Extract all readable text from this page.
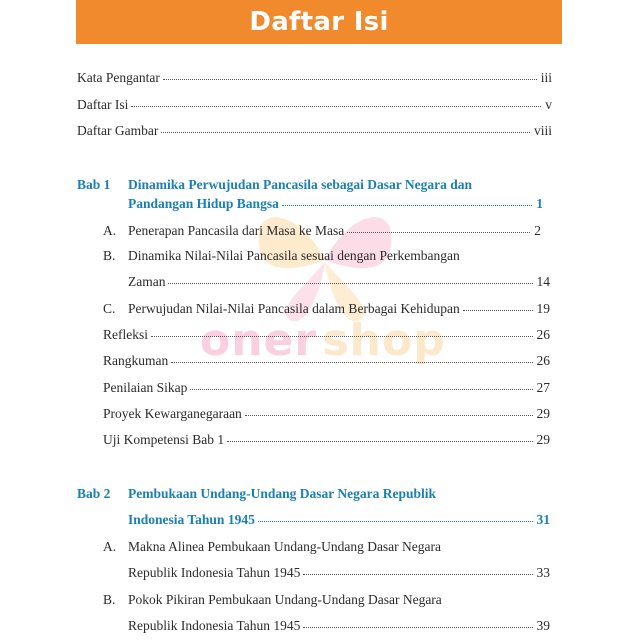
Daftar Isi
oner  shop
Kata Pengantar	iii
Daftar Isi	v
Daftar Gambar	viii
Bab 1 Dinamika Perwujudan Pancasila sebagai Dasar Negara dan
Pandangan Hidup Bangsa	1
A. Penerapan Pancasila dari Masa ke Masa	2
B. Dinamika Nilai-Nilai Pancasila sesuai dengan Perkembangan
Zaman	14
C. Perwujudan Nilai-Nilai Pancasila dalam Berbagai Kehidupan	19
Refleksi	26
Rangkuman	26
Penilaian Sikap	27
Proyek Kewarganegaraan	29
Uji Kompetensi Bab 1	29
Bab 2 Pembukaan Undang-Undang Dasar Negara Republik
Indonesia Tahun 1945	31
A. Makna Alinea Pembukaan Undang-Undang Dasar Negara
Republik Indonesia Tahun 1945	33
B. Pokok Pikiran Pembukaan Undang-Undang Dasar Negara
Republik Indonesia Tahun 1945	39
